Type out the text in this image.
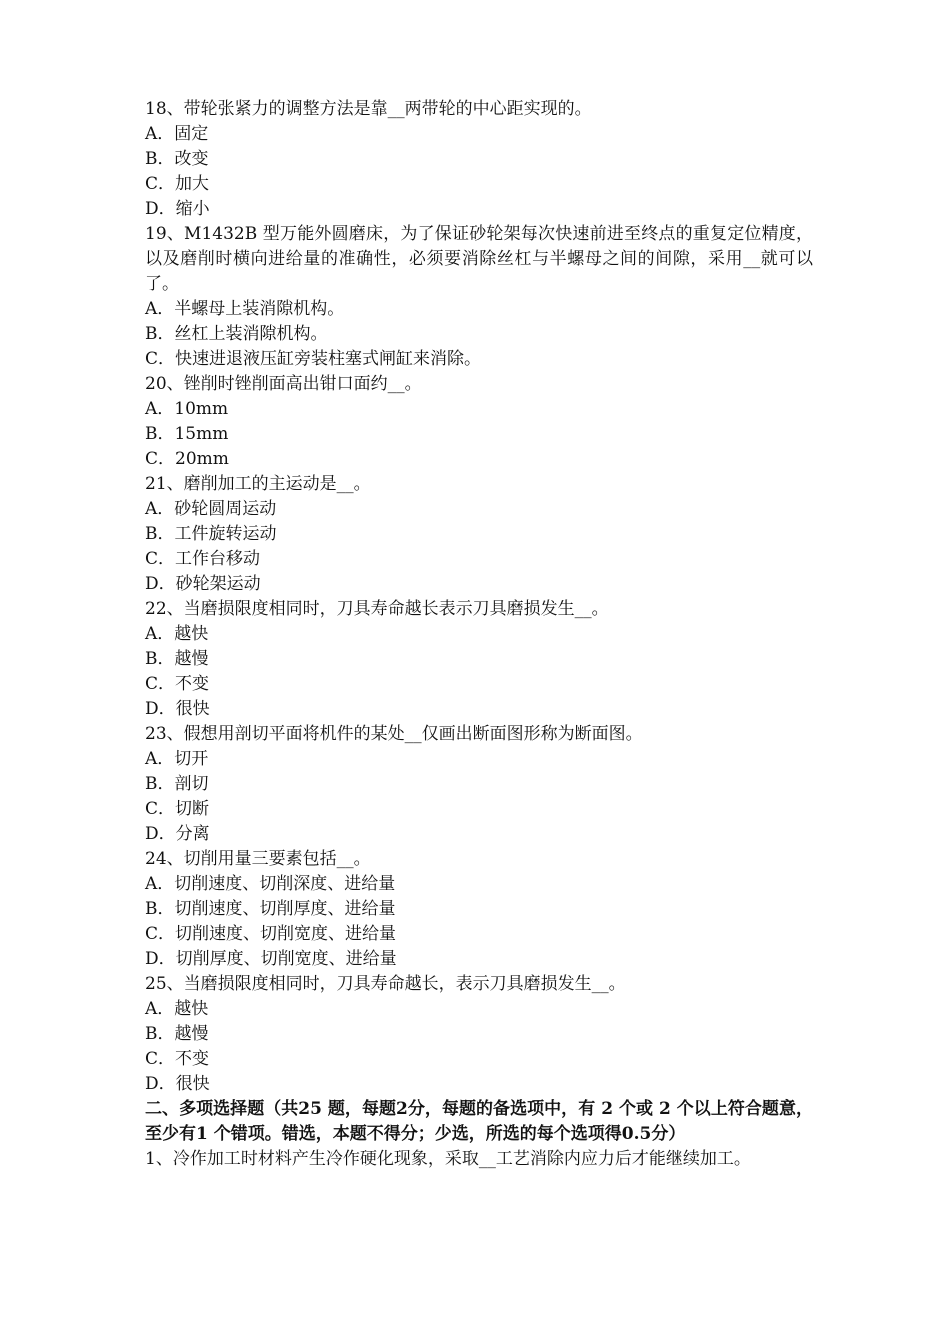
18、带轮张紧力的调整方法是靠__两带轮的中心距实现的。
A．固定
B．改变
C．加大
D．缩小
19、M1432B 型万能外圆磨床，为了保证砂轮架每次快速前进至终点的重复定位精度，以及磨削时横向进给量的准确性，必须要消除丝杠与半螺母之间的间隙，采用__就可以了。
A．半螺母上装消隙机构。
B．丝杠上装消隙机构。
C．快速进退液压缸旁装柱塞式闸缸来消除。
20、锉削时锉削面高出钳口面约__。
A．10mm
B．15mm
C．20mm
21、磨削加工的主运动是__。
A．砂轮圆周运动
B．工件旋转运动
C．工作台移动
D．砂轮架运动
22、当磨损限度相同时，刀具寿命越长表示刀具磨损发生__。
A．越快
B．越慢
C．不变
D．很快
23、假想用剖切平面将机件的某处__仅画出断面图形称为断面图。
A．切开
B．剖切
C．切断
D．分离
24、切削用量三要素包括__。
A．切削速度、切削深度、进给量
B．切削速度、切削厚度、进给量
C．切削速度、切削宽度、进给量
D．切削厚度、切削宽度、进给量
25、当磨损限度相同时，刀具寿命越长，表示刀具磨损发生__。
A．越快
B．越慢
C．不变
D．很快
二、多项选择题（共25 题，每题2分，每题的备选项中，有 2 个或 2 个以上符合题意，至少有1 个错项。错选，本题不得分；少选，所选的每个选项得0.5分）
1、冷作加工时材料产生冷作硬化现象，采取__工艺消除内应力后才能继续加工。
